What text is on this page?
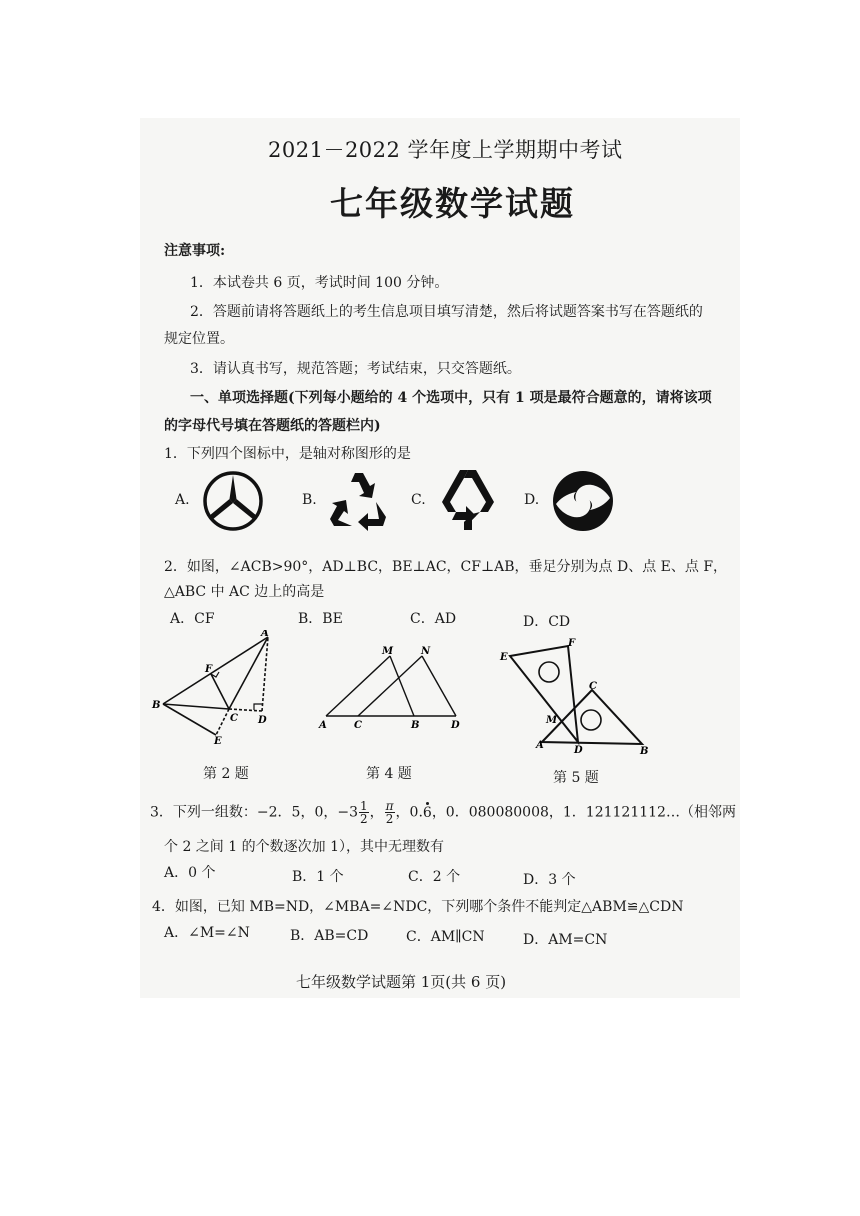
2021－2022 学年度上学期期中考试
七年级数学试题
注意事项:
1．本试卷共 6 页，考试时间 100 分钟。
2．答题前请将答题纸上的考生信息项目填写清楚，然后将试题答案书写在答题纸的
规定位置。
3．请认真书写，规范答题；考试结束，只交答题纸。
一、单项选择题(下列每小题给的 4 个选项中，只有 1 项是最符合题意的，请将该项
的字母代号填在答题纸的答题栏内)
1．下列四个图标中，是轴对称图形的是
A.	B.	C.	D.
2．如图，∠ACB>90°，AD⊥BC，BE⊥AC，CF⊥AB，垂足分别为点 D、点 E、点 F，
△ABC 中 AC 边上的高是
A．CF	B．BE	C．AD	D．CD
A
F
B
C D
E
M	N
A	C	B	D
E
F
C
M
A	D	B
第 2 题	第 4 题	第 5 题
3．下列一组数：−2．5，0，$-3 \frac{1}{2}$ ， $\frac{\pi}{2}$ ，0.6，0．080080008，1．121121112…（相邻两
个 2 之间 1 的个数逐次加 1），其中无理数有
A．0 个	B．1 个	C．2 个	D．3 个
4．如图，已知 MB=ND，∠MBA=∠NDC，下列哪个条件不能判定△ABM≌△CDN
A．∠M=∠N	B．AB=CD	C．AM∥CN	D．AM=CN
七年级数学试题第 1页(共 6 页)
